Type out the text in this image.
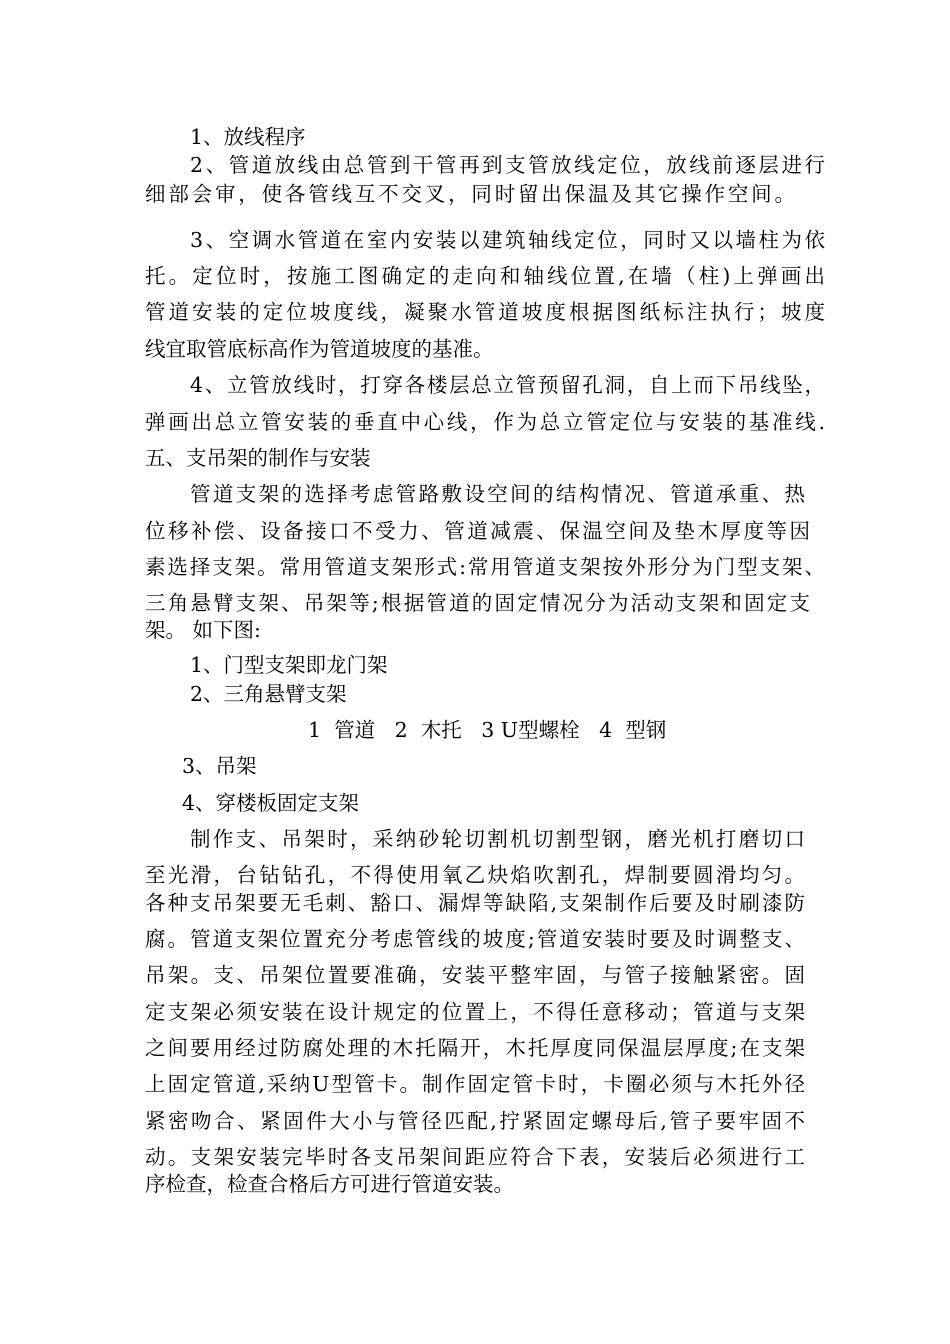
1、放线程序
2、管道放线由总管到干管再到支管放线定位，放线前逐层进行
细部会审，使各管线互不交叉，同时留出保温及其它操作空间。
3、空调水管道在室内安装以建筑轴线定位，同时又以墙柱为依
托。定位时，按施工图确定的走向和轴线位置,在墙（柱)上弹画出
管道安装的定位坡度线，凝聚水管道坡度根据图纸标注执行；坡度
线宜取管底标高作为管道坡度的基准。
4、立管放线时，打穿各楼层总立管预留孔洞，自上而下吊线坠，
弹画出总立管安装的垂直中心线，作为总立管定位与安装的基准线.
五、支吊架的制作与安装
管道支架的选择考虑管路敷设空间的结构情况、管道承重、热
位移补偿、设备接口不受力、管道减震、保温空间及垫木厚度等因
素选择支架。常用管道支架形式:常用管道支架按外形分为门型支架、
三角悬臂支架、吊架等;根据管道的固定情况分为活动支架和固定支
架。 如下图:
1、门型支架即龙门架
2、三角悬臂支架
1  管道   2  木托   3 U型螺栓   4  型钢
3、吊架
4、穿楼板固定支架
制作支、吊架时，采纳砂轮切割机切割型钢，磨光机打磨切口
至光滑，台钻钻孔，不得使用氧乙炔焰吹割孔，焊制要圆滑均匀。
各种支吊架要无毛刺、豁口、漏焊等缺陷,支架制作后要及时刷漆防
腐。管道支架位置充分考虑管线的坡度;管道安装时要及时调整支、
吊架。支、吊架位置要准确，安装平整牢固，与管子接触紧密。固
定支架必须安装在设计规定的位置上，不得任意移动；管道与支架
之间要用经过防腐处理的木托隔开，木托厚度同保温层厚度;在支架
上固定管道,采纳U型管卡。制作固定管卡时，卡圈必须与木托外径
紧密吻合、紧固件大小与管径匹配,拧紧固定螺母后,管子要牢固不
动。支架安装完毕时各支吊架间距应符合下表，安装后必须进行工
序检查，检查合格后方可进行管道安装。
